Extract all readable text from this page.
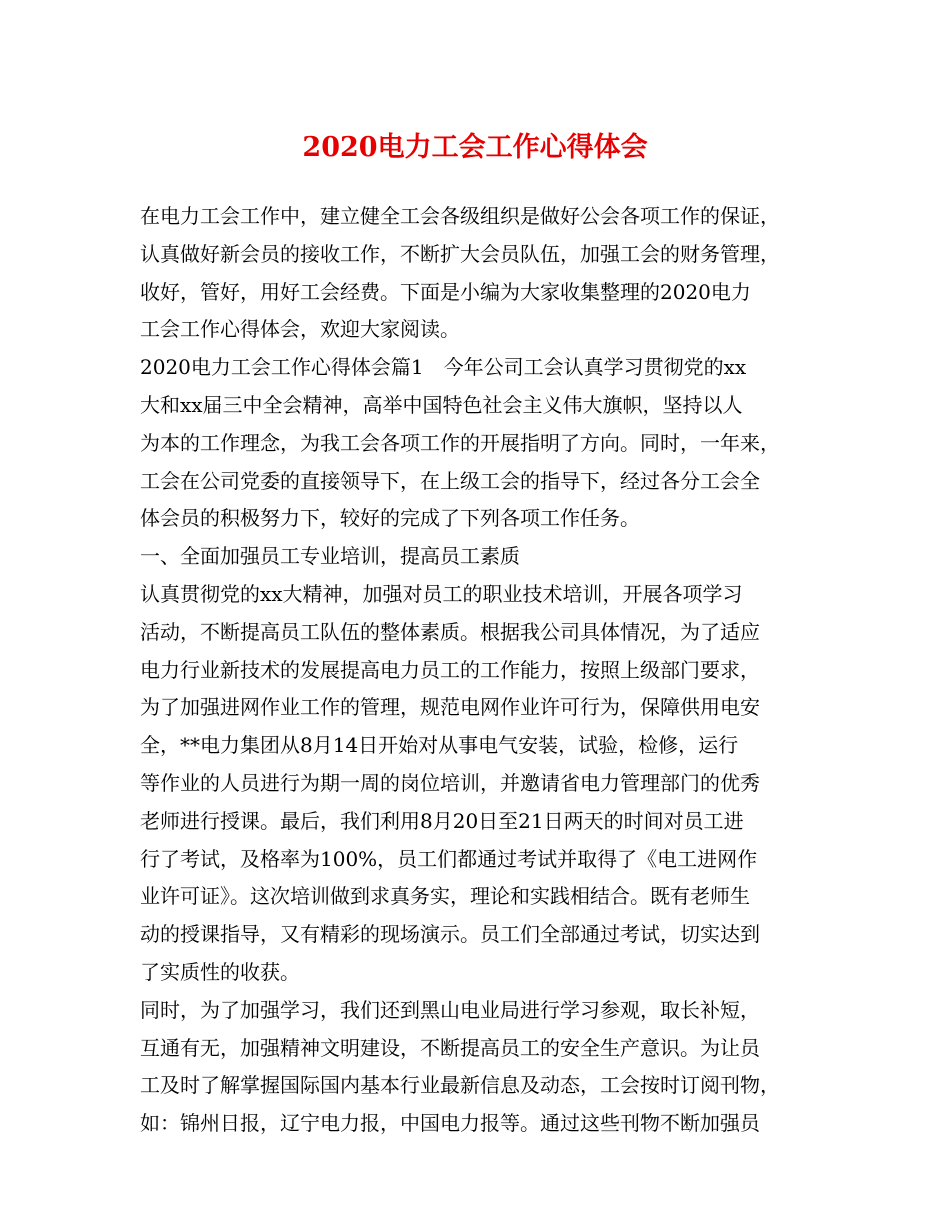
2020电力工会工作心得体会
在电力工会工作中，建立健全工会各级组织是做好公会各项工作的保证，
认真做好新会员的接收工作，不断扩大会员队伍，加强工会的财务管理，
收好，管好，用好工会经费。下面是小编为大家收集整理的2020电力
工会工作心得体会，欢迎大家阅读。
2020电力工会工作心得体会篇1　今年公司工会认真学习贯彻党的xx
大和xx届三中全会精神，高举中国特色社会主义伟大旗帜，坚持以人
为本的工作理念，为我工会各项工作的开展指明了方向。同时，一年来，
工会在公司党委的直接领导下，在上级工会的指导下，经过各分工会全
体会员的积极努力下，较好的完成了下列各项工作任务。
一、全面加强员工专业培训，提高员工素质
认真贯彻党的xx大精神，加强对员工的职业技术培训，开展各项学习
活动，不断提高员工队伍的整体素质。根据我公司具体情况，为了适应
电力行业新技术的发展提高电力员工的工作能力，按照上级部门要求，
为了加强进网作业工作的管理，规范电网作业许可行为，保障供用电安
全，**电力集团从8月14日开始对从事电气安装，试验，检修，运行
等作业的人员进行为期一周的岗位培训，并邀请省电力管理部门的优秀
老师进行授课。最后，我们利用8月20日至21日两天的时间对员工进
行了考试，及格率为100%，员工们都通过考试并取得了《电工进网作
业许可证》。这次培训做到求真务实，理论和实践相结合。既有老师生
动的授课指导，又有精彩的现场演示。员工们全部通过考试，切实达到
了实质性的收获。
同时，为了加强学习，我们还到黑山电业局进行学习参观，取长补短，
互通有无，加强精神文明建设，不断提高员工的安全生产意识。为让员
工及时了解掌握国际国内基本行业最新信息及动态，工会按时订阅刊物，
如：锦州日报，辽宁电力报，中国电力报等。通过这些刊物不断加强员
